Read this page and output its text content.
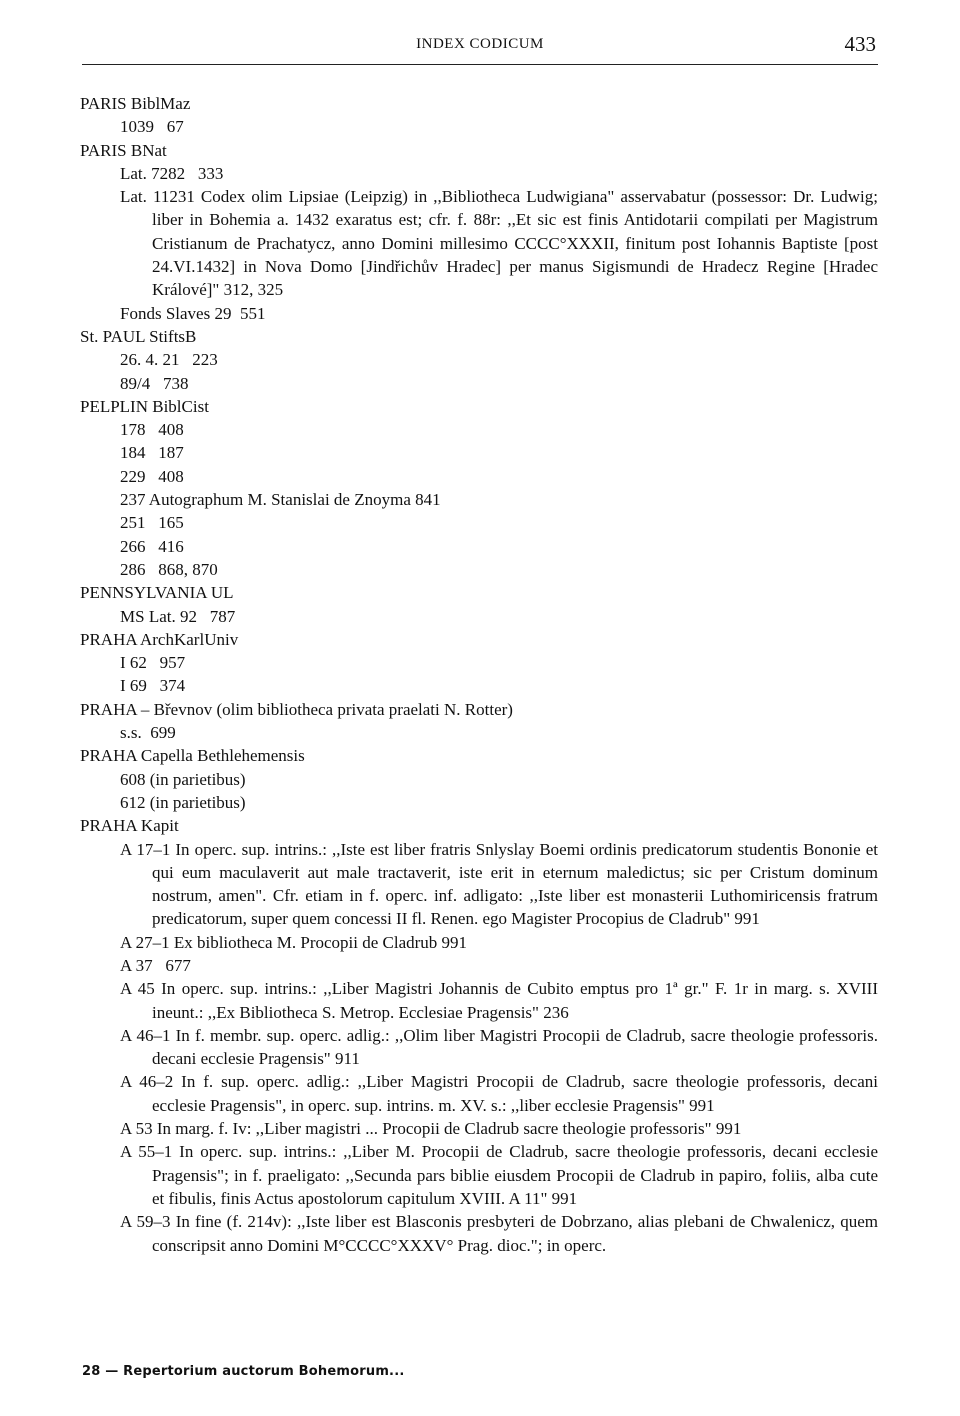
INDEX CODICUM	433
PARIS BiblMaz
1039   67
PARIS BNat
Lat. 7282   333
Lat. 11231 Codex olim Lipsiae (Leipzig) in ,,Bibliotheca Ludwigiana" asservabatur (possessor: Dr. Ludwig; liber in Bohemia a. 1432 exaratus est; cfr. f. 88r: ,,Et sic est finis Antidotarii compilati per Magistrum Cristianum de Prachatycz, anno Domini millesimo CCCC°XXXII, finitum post Iohannis Baptiste [post 24.VI.1432] in Nova Domo [Jindřichův Hradec] per manus Sigismundi de Hradecz Regine [Hradec Králové]" 312, 325
Fonds Slaves 29  551
St. PAUL StiftsB
26. 4. 21   223
89/4   738
PELPLIN BiblCist
178   408
184   187
229   408
237 Autographum M. Stanislai de Znoyma 841
251   165
266   416
286   868, 870
PENNSYLVANIA UL
MS Lat. 92   787
PRAHA ArchKarlUniv
I 62   957
I 69   374
PRAHA – Břevnov (olim bibliotheca privata praelati N. Rotter)
s.s.  699
PRAHA Capella Bethlehemensis
608 (in parietibus)
612 (in parietibus)
PRAHA Kapit
A 17–1 In operc. sup. intrins.: ,,Iste est liber fratris Snlyslay Boemi ordinis predicatorum studentis Bononie et qui eum maculaverit aut male tractaverit, iste erit in eternum maledictus; sic per Cristum dominum nostrum, amen". Cfr. etiam in f. operc. inf. adligato: ,,Iste liber est monasterii Luthomiricensis fratrum predicatorum, super quem concessi II fl. Renen. ego Magister Procopius de Cladrub" 991
A 27–1 Ex bibliotheca M. Procopii de Cladrub 991
A 37   677
A 45 In operc. sup. intrins.: ,,Liber Magistri Johannis de Cubito emptus pro 1ª gr." F. 1r in marg. s. XVIII ineunt.: ,,Ex Bibliotheca S. Metrop. Ecclesiae Pragensis" 236
A 46–1 In f. membr. sup. operc. adlig.: ,,Olim liber Magistri Procopii de Cladrub, sacre theologie professoris. decani ecclesie Pragensis" 911
A 46–2 In f. sup. operc. adlig.: ,,Liber Magistri Procopii de Cladrub, sacre theologie professoris, decani ecclesie Pragensis", in operc. sup. intrins. m. XV. s.: ,,liber ecclesie Pragensis" 991
A 53 In marg. f. Iv: ,,Liber magistri ... Procopii de Cladrub sacre theologie professoris" 991
A 55–1 In operc. sup. intrins.: ,,Liber M. Procopii de Cladrub, sacre theologie professoris, decani ecclesie Pragensis"; in f. praeligato: ,,Secunda pars biblie eiusdem Procopii de Cladrub in papiro, foliis, alba cute et fibulis, finis Actus apostolorum capitulum XVIII. A 11" 991
A 59–3 In fine (f. 214v): ,,Iste liber est Blasconis presbyteri de Dobrzano, alias plebani de Chwalenicz, quem conscripsit anno Domini M°CCCC°XXXV° Prag. dioc."; in operc.
28 — Repertorium auctorum Bohemorum...
